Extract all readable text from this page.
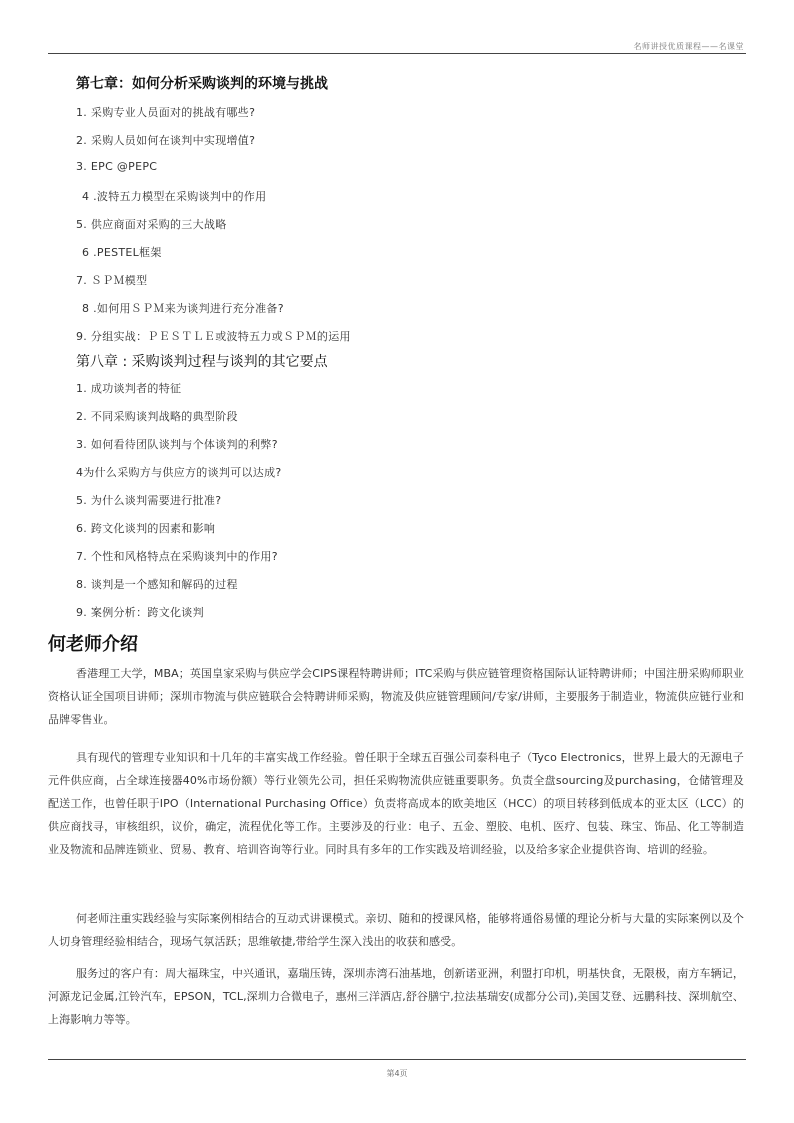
名师讲授优质课程——名课堂
第七章：如何分析采购谈判的环境与挑战
1. 采购专业人员面对的挑战有哪些?
2. 采购人员如何在谈判中实现增值?
3. EPC @PEPC
4 .波特五力模型在采购谈判中的作用
5. 供应商面对采购的三大战略
6 .PESTEL框架
7. ＳＰＭ模型
8 .如何用ＳＰＭ来为谈判进行充分准备?
9. 分组实战：ＰＥＳＴＬＥ或波特五力或ＳＰＭ的运用
第八章 : 采购谈判过程与谈判的其它要点
1. 成功谈判者的特征
2. 不同采购谈判战略的典型阶段
3. 如何看待团队谈判与个体谈判的利弊?
4为什么采购方与供应方的谈判可以达成?
5. 为什么谈判需要进行批准?
6. 跨文化谈判的因素和影响
7. 个性和风格特点在采购谈判中的作用?
8. 谈判是一个感知和解码的过程
9. 案例分析：跨文化谈判
何老师介绍
香港理工大学，MBA；英国皇家采购与供应学会CIPS课程特聘讲师；ITC采购与供应链管理资格国际认证特聘讲师；中国注册采购师职业资格认证全国项目讲师；深圳市物流与供应链联合会特聘讲师采购，物流及供应链管理顾问/专家/讲师，主要服务于制造业，物流供应链行业和品牌零售业。
具有现代的管理专业知识和十几年的丰富实战工作经验。曾任职于全球五百强公司泰科电子（Tyco Electronics，世界上最大的无源电子元件供应商，占全球连接器40%市场份额）等行业领先公司，担任采购物流供应链重要职务。负责全盘sourcing及purchasing，仓储管理及配送工作，也曾任职于IPO（International Purchasing Office）负责将高成本的欧美地区（HCC）的项目转移到低成本的亚太区（LCC）的供应商找寻，审核组织，议价，确定，流程优化等工作。主要涉及的行业：电子、五金、塑胶、电机、医疗、包装、珠宝、饰品、化工等制造业及物流和品牌连锁业、贸易、教育、培训咨询等行业。同时具有多年的工作实践及培训经验，以及给多家企业提供咨询、培训的经验。
何老师注重实践经验与实际案例相结合的互动式讲课模式。亲切、随和的授课风格，能够将通俗易懂的理论分析与大量的实际案例以及个人切身管理经验相结合，现场气氛活跃；思维敏捷,带给学生深入浅出的收获和感受。
服务过的客户有：周大福珠宝，中兴通讯，嘉瑞压铸，深圳赤湾石油基地，创新诺亚洲，利盟打印机，明基快食，无限极，南方车辆记，河源龙记金属,江铃汽车，EPSON，TCL,深圳力合微电子，惠州三洋酒店,舒谷膳宁,拉法基瑞安(成都分公司),美国艾登、远鹏科技、深圳航空、上海影响力等等。
第4页
